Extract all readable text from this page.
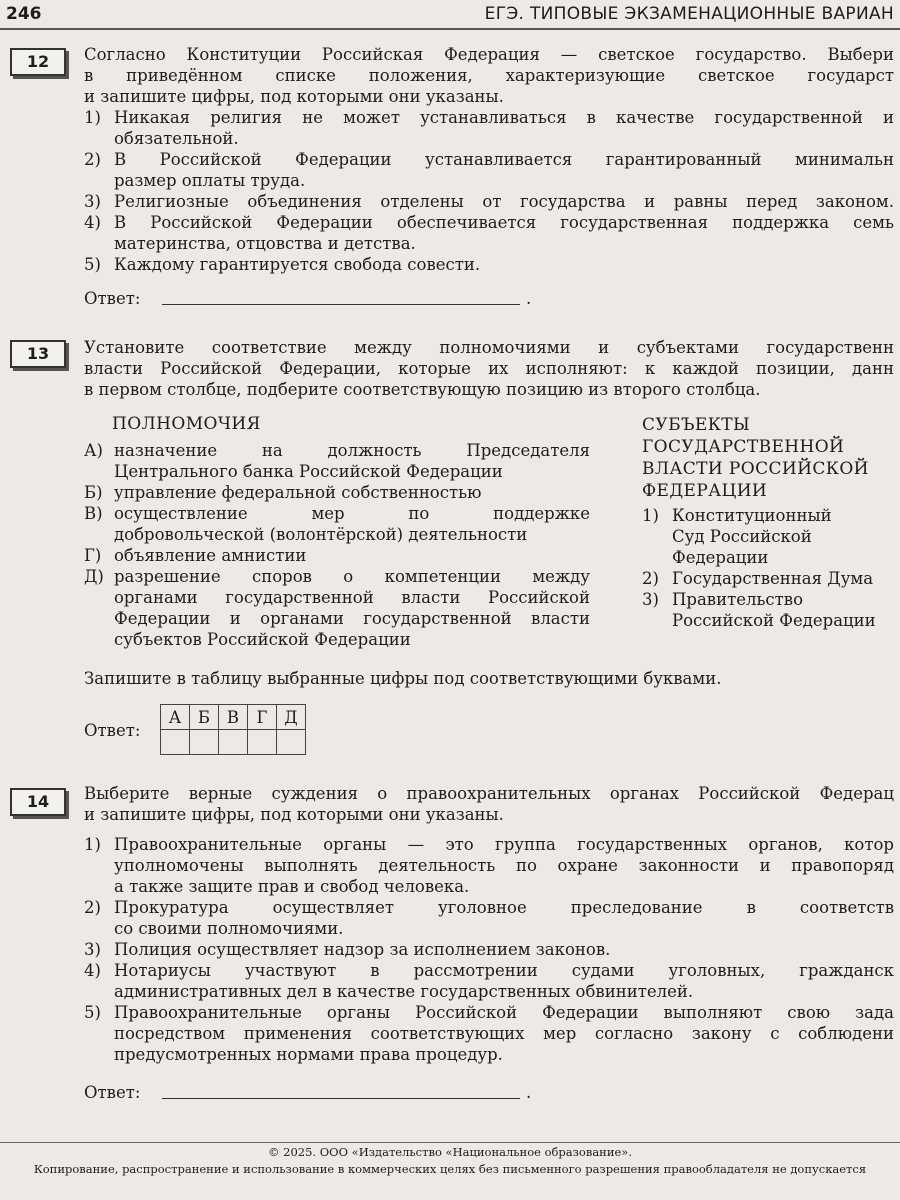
246	ЕГЭ. ТИПОВЫЕ ЭКЗАМЕНАЦИОННЫЕ ВАРИАН
12	Согласно Конституции Российская Федерация — светское государство. Выбери
в приведённом списке положения, характеризующие светское государст
и запишите цифры, под которыми они указаны.
1) Никакая религия не может устанавливаться в качестве государственной и
обязательной.
2) В Российской Федерации устанавливается гарантированный минимальн
размер оплаты труда.
3) Религиозные объединения отделены от государства и равны перед законом.
4) В Российской Федерации обеспечивается государственная поддержка семь
материнства, отцовства и детства.
5) Каждому гарантируется свобода совести.
Ответ:	.
13	Установите соответствие между полномочиями и субъектами государственн
власти Российской Федерации, которые их исполняют: к каждой позиции, данн
в первом столбце, подберите соответствующую позицию из второго столбца.
ПОЛНОМОЧИЯ
А) назначение на должность Председателя
Центрального банка Российской Федерации
Б) управление федеральной собственностью
В) осуществление мер по поддержке
добровольческой (волонтёрской) деятельности
Г) объявление амнистии
Д) разрешение споров о компетенции между
органами государственной власти Российской
Федерации и органами государственной власти
субъектов Российской Федерации
СУБЪЕКТЫ
ГОСУДАРСТВЕННОЙ
ВЛАСТИ РОССИЙСКОЙ
ФЕДЕРАЦИИ
1) Конституционный
Суд Российской
Федерации
2) Государственная Дума
3) Правительство
Российской Федерации
Запишите в таблицу выбранные цифры под соответствующими буквами.
Ответ:
А	Б	В	Г	Д

14	Выберите верные суждения о правоохранительных органах Российской Федерац
и запишите цифры, под которыми они указаны.
1) Правоохранительные органы — это группа государственных органов, котор
уполномочены выполнять деятельность по охране законности и правопоряд
а также защите прав и свобод человека.
2) Прокуратура осуществляет уголовное преследование в соответств
со своими полномочиями.
3) Полиция осуществляет надзор за исполнением законов.
4) Нотариусы участвуют в рассмотрении судами уголовных, гражданск
административных дел в качестве государственных обвинителей.
5) Правоохранительные органы Российской Федерации выполняют свою зада
посредством применения соответствующих мер согласно закону с соблюдени
предусмотренных нормами права процедур.
Ответ:	.
© 2025. ООО «Издательство «Национальное образование».
Копирование, распространение и использование в коммерческих целях без письменного разрешения правообладателя не допускается
